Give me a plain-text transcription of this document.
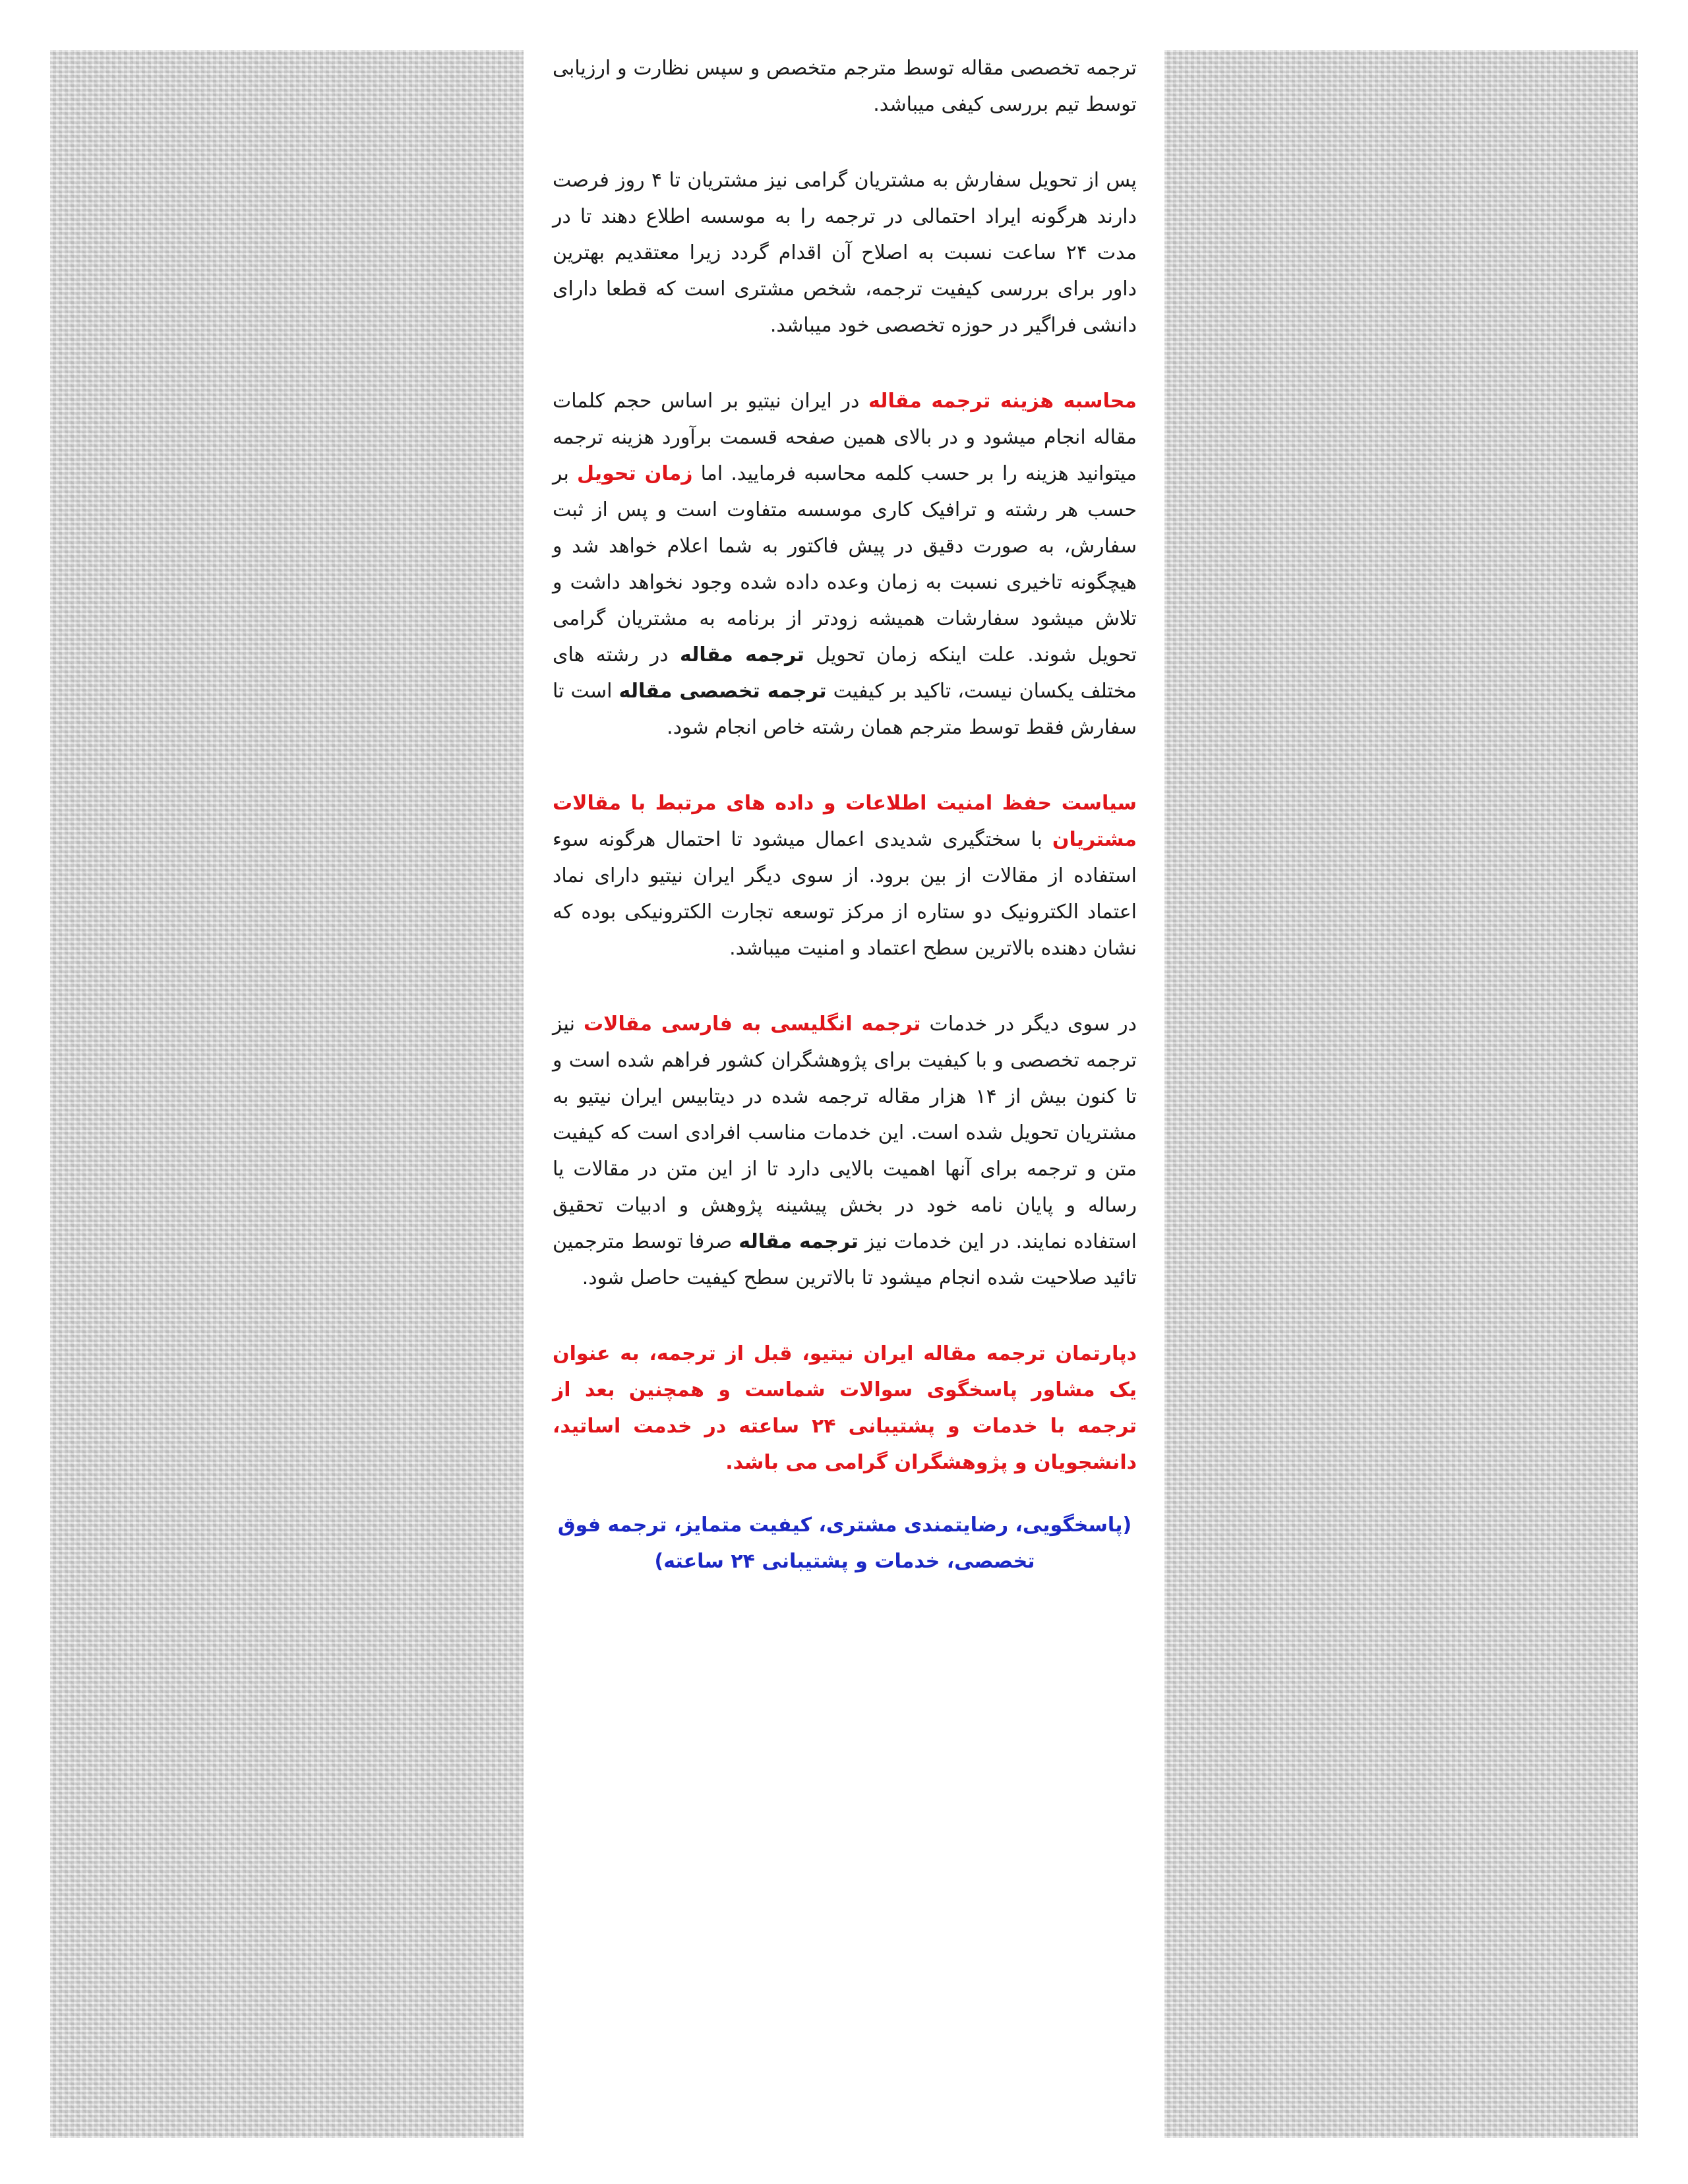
ترجمه تخصصی مقاله توسط مترجم متخصص و سپس نظارت و ارزیابی توسط تیم بررسی کیفی میباشد.

پس از تحویل سفارش به مشتریان گرامی نیز مشتریان تا ۴ روز فرصت دارند هرگونه ایراد احتمالی در ترجمه را به موسسه اطلاع دهند تا در مدت ۲۴ ساعت نسبت به اصلاح آن اقدام گردد زیرا معتقدیم بهترین داور برای بررسی کیفیت ترجمه، شخص مشتری است که قطعا دارای دانشی فراگیر در حوزه تخصصی خود میباشد.

محاسبه هزینه ترجمه مقاله در ایران نیتیو بر اساس حجم کلمات مقاله انجام میشود و در بالای همین صفحه قسمت برآورد هزینه ترجمه میتوانید هزینه را بر حسب کلمه محاسبه فرمایید. اما زمان تحویل بر حسب هر رشته و ترافیک کاری موسسه متفاوت است و پس از ثبت سفارش، به صورت دقیق در پیش فاکتور به شما اعلام خواهد شد و هیچگونه تاخیری نسبت به زمان وعده داده شده وجود نخواهد داشت و تلاش میشود سفارشات همیشه زودتر از برنامه به مشتریان گرامی تحویل شوند. علت اینکه زمان تحویل ترجمه مقاله در رشته های مختلف یکسان نیست، تاکید بر کیفیت ترجمه تخصصی مقاله است تا سفارش فقط توسط مترجم همان رشته خاص انجام شود.

سیاست حفظ امنیت اطلاعات و داده های مرتبط با مقالات مشتریان با سختگیری شدیدی اعمال میشود تا احتمال هرگونه سوء استفاده از مقالات از بین برود. از سوی دیگر ایران نیتیو دارای نماد اعتماد الکترونیک دو ستاره از مرکز توسعه تجارت الکترونیکی بوده که نشان دهنده بالاترین سطح اعتماد و امنیت میباشد.

در سوی دیگر در خدمات ترجمه انگلیسی به فارسی مقالات نیز ترجمه تخصصی و با کیفیت برای پژوهشگران کشور فراهم شده است و تا کنون بیش از ۱۴ هزار مقاله ترجمه شده در دیتابیس ایران نیتیو به مشتریان تحویل شده است. این خدمات مناسب افرادی است که کیفیت متن و ترجمه برای آنها اهمیت بالایی دارد تا از این متن در مقالات یا رساله و پایان نامه خود در بخش پیشینه پژوهش و ادبیات تحقیق استفاده نمایند. در این خدمات نیز ترجمه مقاله صرفا توسط مترجمین تائید صلاحیت شده انجام میشود تا بالاترین سطح کیفیت حاصل شود.

دپارتمان ترجمه مقاله ایران نیتیو، قبل از ترجمه، به عنوان یک مشاور پاسخگوی سوالات شماست و همچنین بعد از ترجمه با خدمات و پشتیبانی ۲۴ ساعته در خدمت اساتید، دانشجویان و پژوهشگران گرامی می باشد.

(پاسخگویی، رضایتمندی مشتری، کیفیت متمایز، ترجمه فوق تخصصی، خدمات و پشتیبانی ۲۴ ساعته)
